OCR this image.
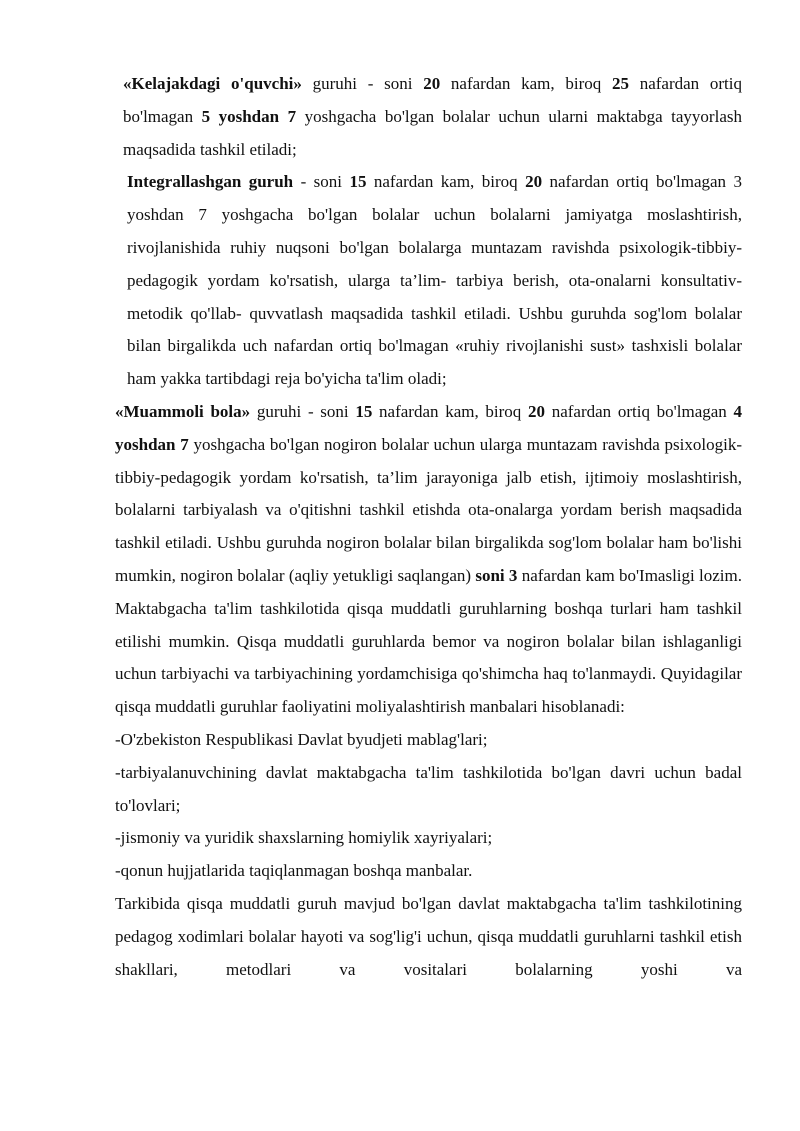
«Kelajakdagi o'quvchi» guruhi - soni 20 nafardan kam, biroq 25 nafardan ortiq bo'lmagan 5 yoshdan 7 yoshgacha bo'lgan bolalar uchun ularni maktabga tayyorlash maqsadida tashkil etiladi;

Integrallashgan guruh - soni 15 nafardan kam, biroq 20 nafardan ortiq bo'lmagan 3 yoshdan 7 yoshgacha bo'lgan bolalar uchun bolalarni jamiyatga moslashtirish, rivojlanishida ruhiy nuqsoni bo'lgan bolalarga muntazam ravishda psixologik-tibbiy-pedagogik yordam ko'rsatish, ularga ta’lim- tarbiya berish, ota-onalarni konsultativ-metodik qo'llab- quvvatlash maqsadida tashkil etiladi. Ushbu guruhda sog'lom bolalar bilan birgalikda uch nafardan ortiq bo'lmagan «ruhiy rivojlanishi sust» tashxisli bolalar ham yakka tartibdagi reja bo'yicha ta'lim oladi;

«Muammoli bola» guruhi - soni 15 nafardan kam, biroq 20 nafardan ortiq bo'lmagan 4 yoshdan 7 yoshgacha bo'lgan nogiron bolalar uchun ularga muntazam ravishda psixologik- tibbiy-pedagogik yordam ko'rsatish, ta’lim jarayoniga jalb etish, ijtimoiy moslashtirish, bolalarni tarbiyalash va o'qitishni tashkil etishda ota-onalarga yordam berish maqsadida tashkil etiladi. Ushbu guruhda nogiron bolalar bilan birgalikda sog'lom bolalar ham bo'lishi mumkin, nogiron bolalar (aqliy yetukligi saqlangan) soni 3 nafardan kam bo'Imasligi lozim. Maktabgacha ta'lim tashkilotida qisqa muddatli guruhlarning boshqa turlari ham tashkil etilishi mumkin. Qisqa muddatli guruhlarda bemor va nogiron bolalar bilan ishlaganligi uchun tarbiyachi va tarbiyachining yordamchisiga qo'shimcha haq to'lanmaydi. Quyidagilar qisqa muddatli guruhlar faoliyatini moliyalashtirish manbalari hisoblanadi:

-O'zbekiston Respublikasi Davlat byudjeti mablag'lari;

-tarbiyalanuvchining davlat maktabgacha ta'lim tashkilotida bo'lgan davri uchun badal to'lovlari;

-jismoniy va yuridik shaxslarning homiylik xayriyalari;

-qonun hujjatlarida taqiqlanmagan boshqa manbalar.

Tarkibida qisqa muddatli guruh mavjud bo'lgan davlat maktabgacha ta'lim tashkilotining pedagog xodimlari bolalar hayoti va sog'lig'i uchun, qisqa muddatli guruhlarni tashkil etish shakllari, metodlari va vositalari bolalarning yoshi va
